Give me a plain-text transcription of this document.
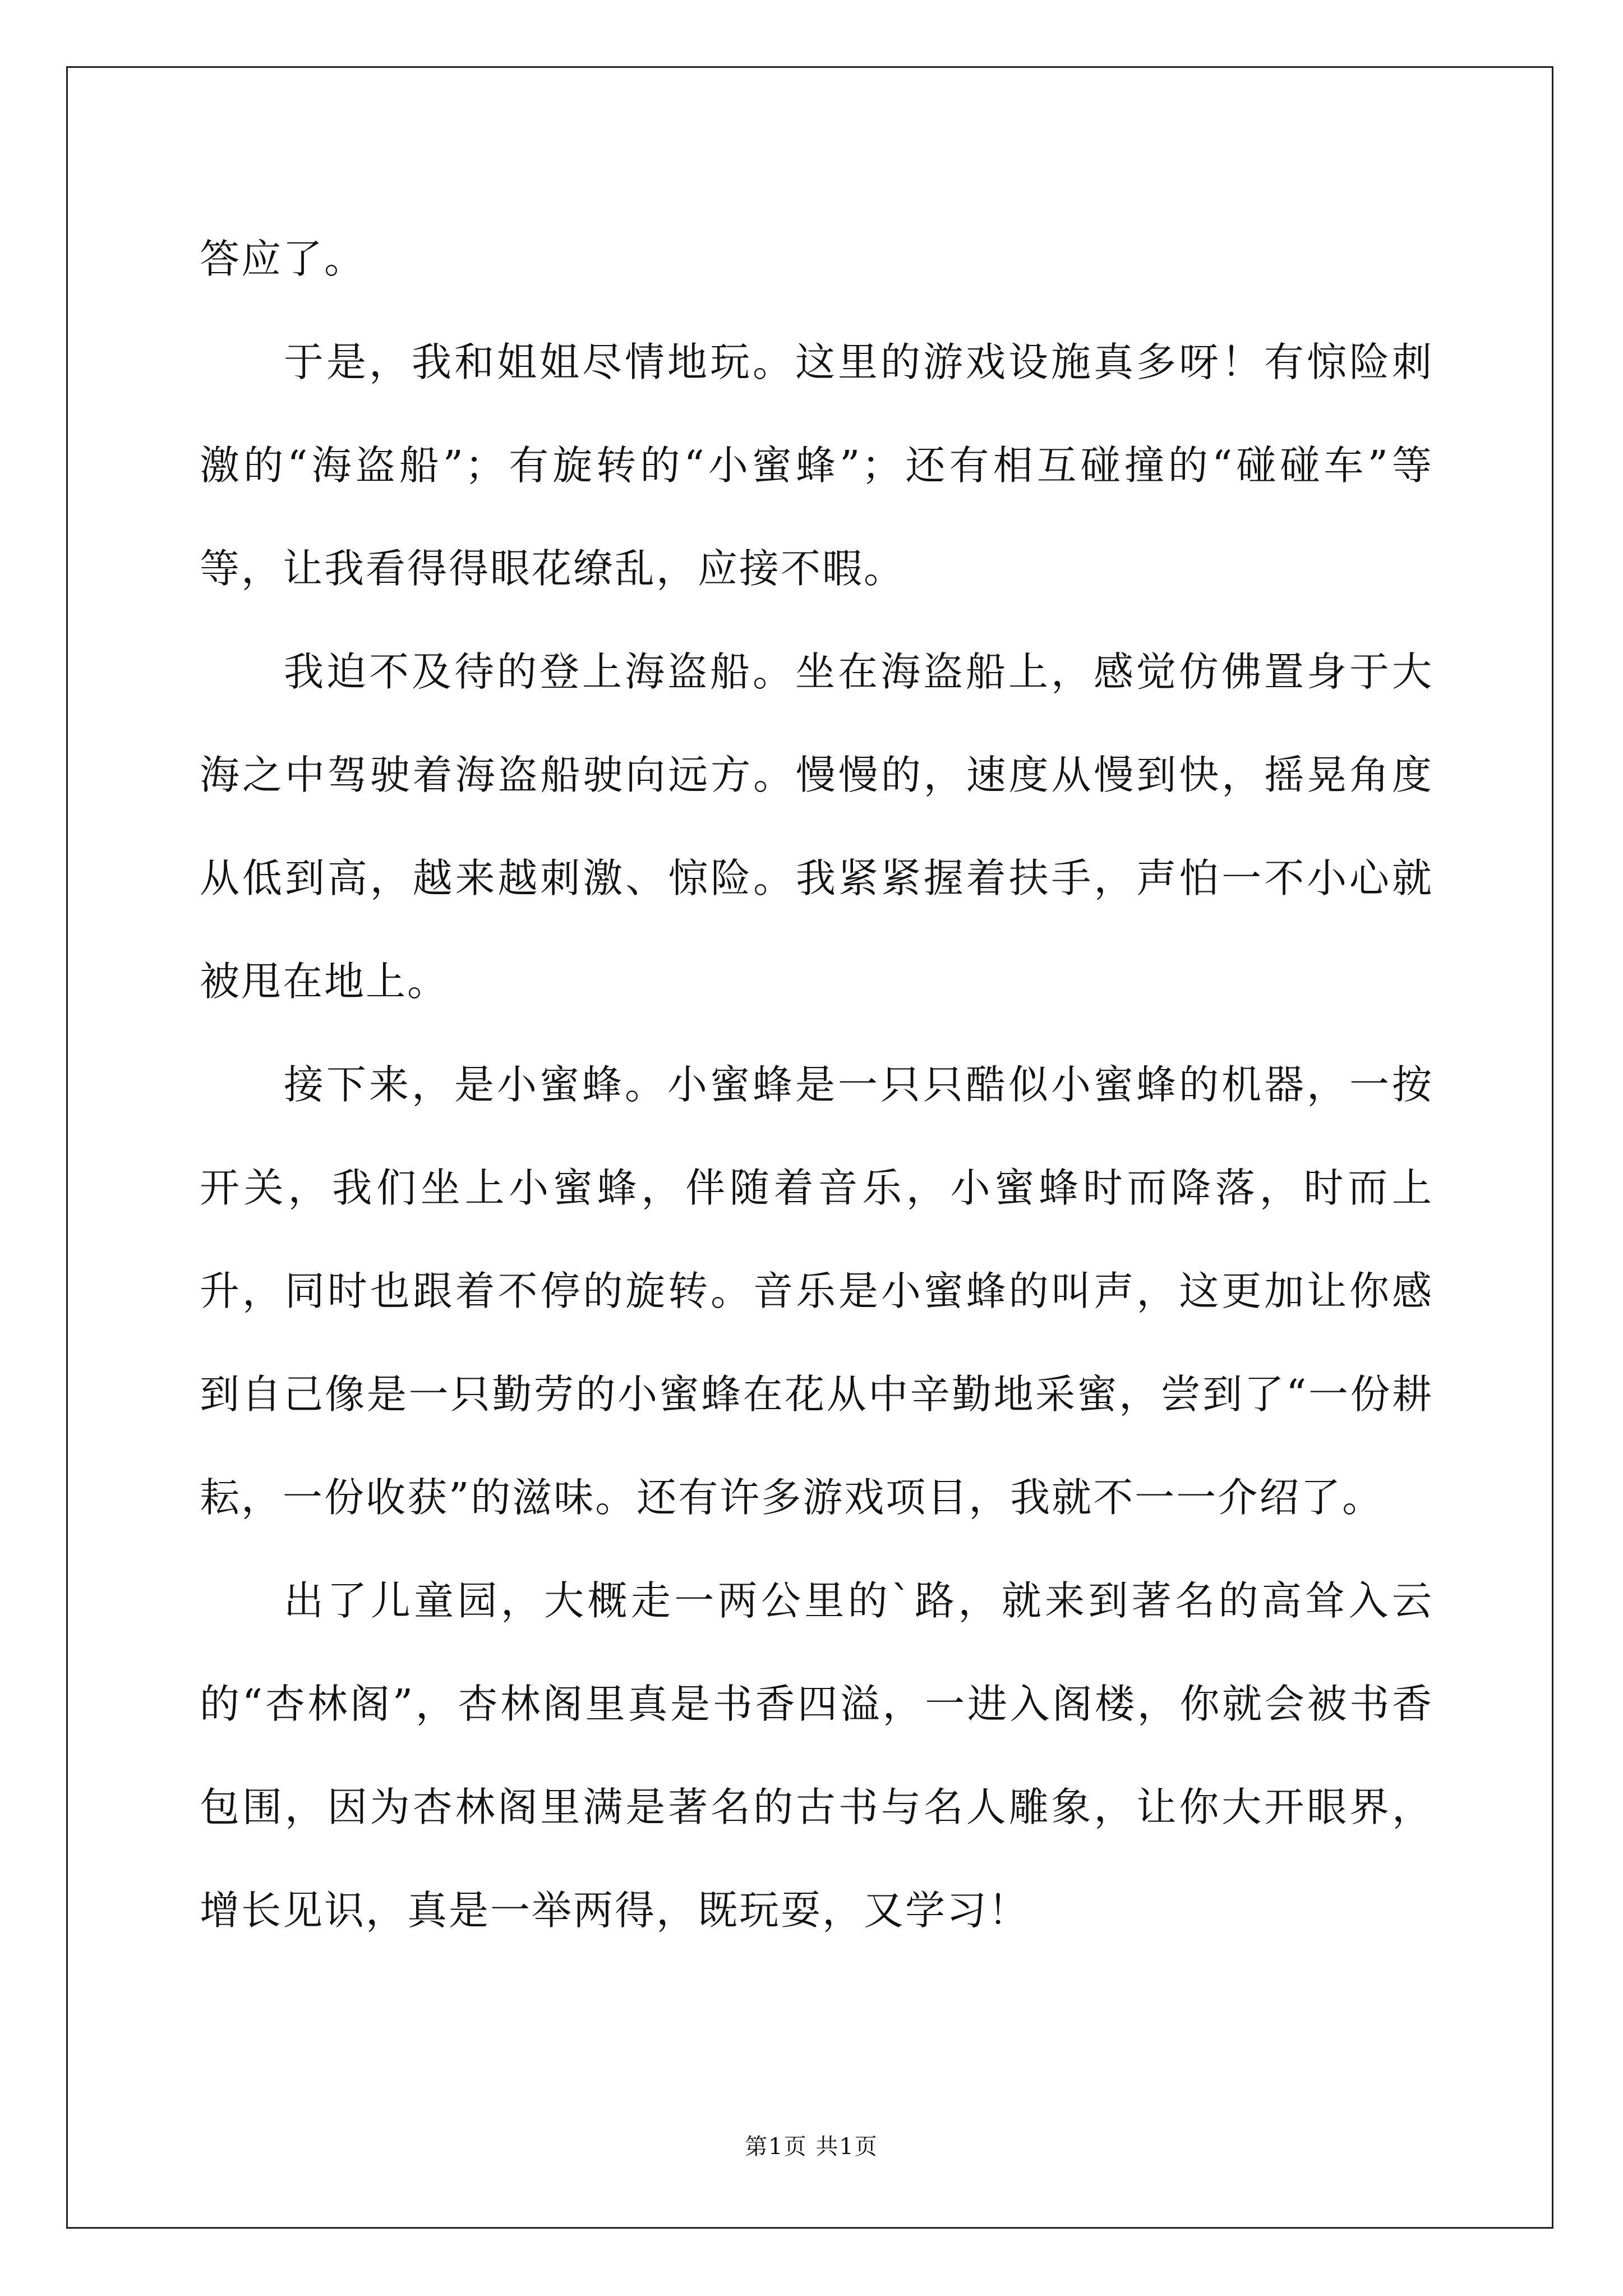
答应了。

于是，我和姐姐尽情地玩。这里的游戏设施真多呀！有惊险刺激的“海盗船”；有旋转的“小蜜蜂”；还有相互碰撞的“碰碰车”等等，让我看得得眼花缭乱，应接不暇。

我迫不及待的登上海盗船。坐在海盗船上，感觉仿佛置身于大海之中驾驶着海盗船驶向远方。慢慢的，速度从慢到快，摇晃角度从低到高，越来越刺激、惊险。我紧紧握着扶手，声怕一不小心就被甩在地上。

接下来，是小蜜蜂。小蜜蜂是一只只酷似小蜜蜂的机器，一按开关，我们坐上小蜜蜂，伴随着音乐，小蜜蜂时而降落，时而上升，同时也跟着不停的旋转。音乐是小蜜蜂的叫声，这更加让你感到自己像是一只勤劳的小蜜蜂在花从中辛勤地采蜜，尝到了“一份耕耘，一份收获”的滋味。还有许多游戏项目，我就不一一介绍了。

出了儿童园，大概走一两公里的`路，就来到著名的高耸入云的“杏林阁”，杏林阁里真是书香四溢，一进入阁楼，你就会被书香包围，因为杏林阁里满是著名的古书与名人雕象，让你大开眼界，增长见识，真是一举两得，既玩耍，又学习！

第1页 共1页
